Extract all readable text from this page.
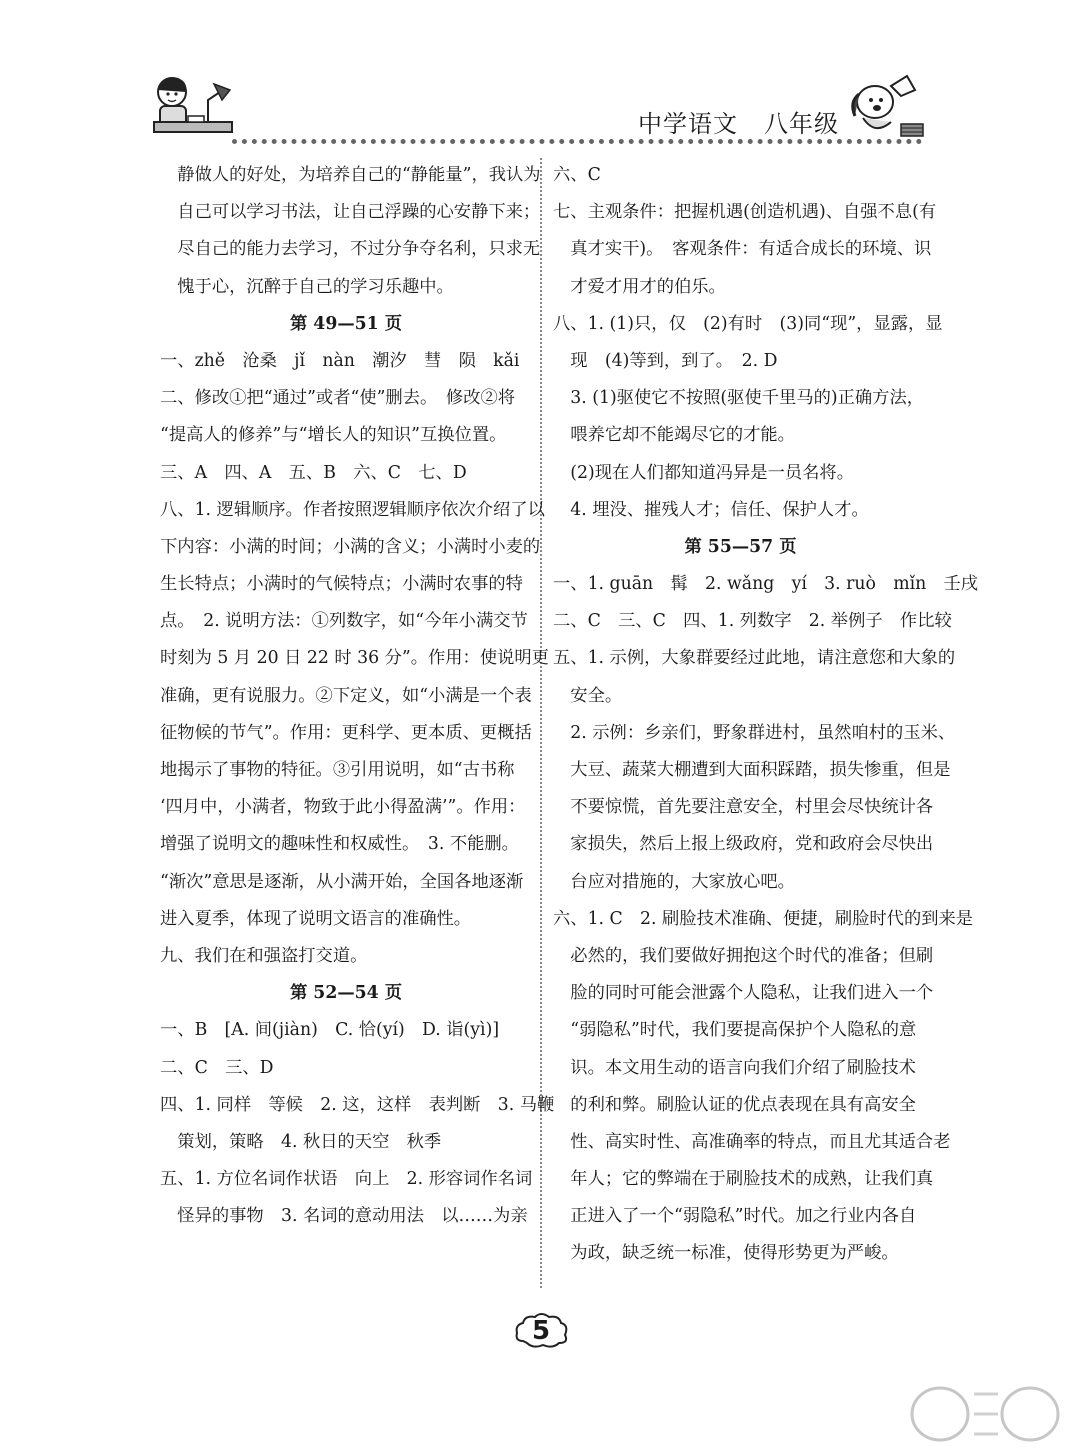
中学语文 八年级
　静做人的好处，为培养自己的“静能量”，我认为
　自己可以学习书法，让自己浮躁的心安静下来；
　尽自己的能力去学习，不过分争夺名利，只求无
　愧于心，沉醉于自己的学习乐趣中。
第 49—51 页
一、zhě　沧桑　jǐ　nàn　潮汐　彗　陨　kǎi
二、修改①把“通过”或者“使”删去。　修改②将
“提高人的修养”与“增长人的知识”互换位置。
三、A　四、A　五、B　六、C　七、D
八、1. 逻辑顺序。作者按照逻辑顺序依次介绍了以
下内容：小满的时间；小满的含义；小满时小麦的
生长特点；小满时的气候特点；小满时农事的特
点。　2. 说明方法：①列数字，如“今年小满交节
时刻为 5 月 20 日 22 时 36 分”。作用：使说明更
准确，更有说服力。②下定义，如“小满是一个表
征物候的节气”。作用：更科学、更本质、更概括
地揭示了事物的特征。③引用说明，如“古书称
‘四月中，小满者，物致于此小得盈满’”。作用：
增强了说明文的趣味性和权威性。　3. 不能删。
“渐次”意思是逐渐，从小满开始，全国各地逐渐
进入夏季，体现了说明文语言的准确性。
九、我们在和强盗打交道。
第 52—54 页
一、B　[A. 间(jiàn)　C. 恰(yí)　D. 诣(yì)]
二、C　三、D
四、1. 同样　等候　2. 这，这样　表判断　3. 马鞭
　策划，策略　4. 秋日的天空　秋季
五、1. 方位名词作状语　向上　2. 形容词作名词
　怪异的事物　3. 名词的意动用法　以……为亲
六、C
七、主观条件：把握机遇(创造机遇)、自强不息(有
　真才实干)。　客观条件：有适合成长的环境、识
　才爱才用才的伯乐。
八、1. (1)只，仅　(2)有时　(3)同“现”，显露，显
　现　(4)等到，到了。　2. D
　3. (1)驱使它不按照(驱使千里马的)正确方法，
　喂养它却不能竭尽它的才能。
　(2)现在人们都知道冯异是一员名将。
　4. 埋没、摧残人才；信任、保护人才。
第 55—57 页
一、1. guān　髯　2. wǎng　yí　3. ruò　mǐn　壬戌
二、C　三、C　四、1. 列数字　2. 举例子　作比较
五、1. 示例，大象群要经过此地，请注意您和大象的
　安全。
　2. 示例：乡亲们，野象群进村，虽然咱村的玉米、
　大豆、蔬菜大棚遭到大面积踩踏，损失惨重，但是
　不要惊慌，首先要注意安全，村里会尽快统计各
　家损失，然后上报上级政府，党和政府会尽快出
　台应对措施的，大家放心吧。
六、1. C　2. 刷脸技术准确、便捷，刷脸时代的到来是
　必然的，我们要做好拥抱这个时代的准备；但刷
　脸的同时可能会泄露个人隐私，让我们进入一个
　“弱隐私”时代，我们要提高保护个人隐私的意
　识。本文用生动的语言向我们介绍了刷脸技术
　的利和弊。刷脸认证的优点表现在具有高安全
　性、高实时性、高准确率的特点，而且尤其适合老
　年人；它的弊端在于刷脸技术的成熟，让我们真
　正进入了一个“弱隐私”时代。加之行业内各自
　为政，缺乏统一标准，使得形势更为严峻。
5
